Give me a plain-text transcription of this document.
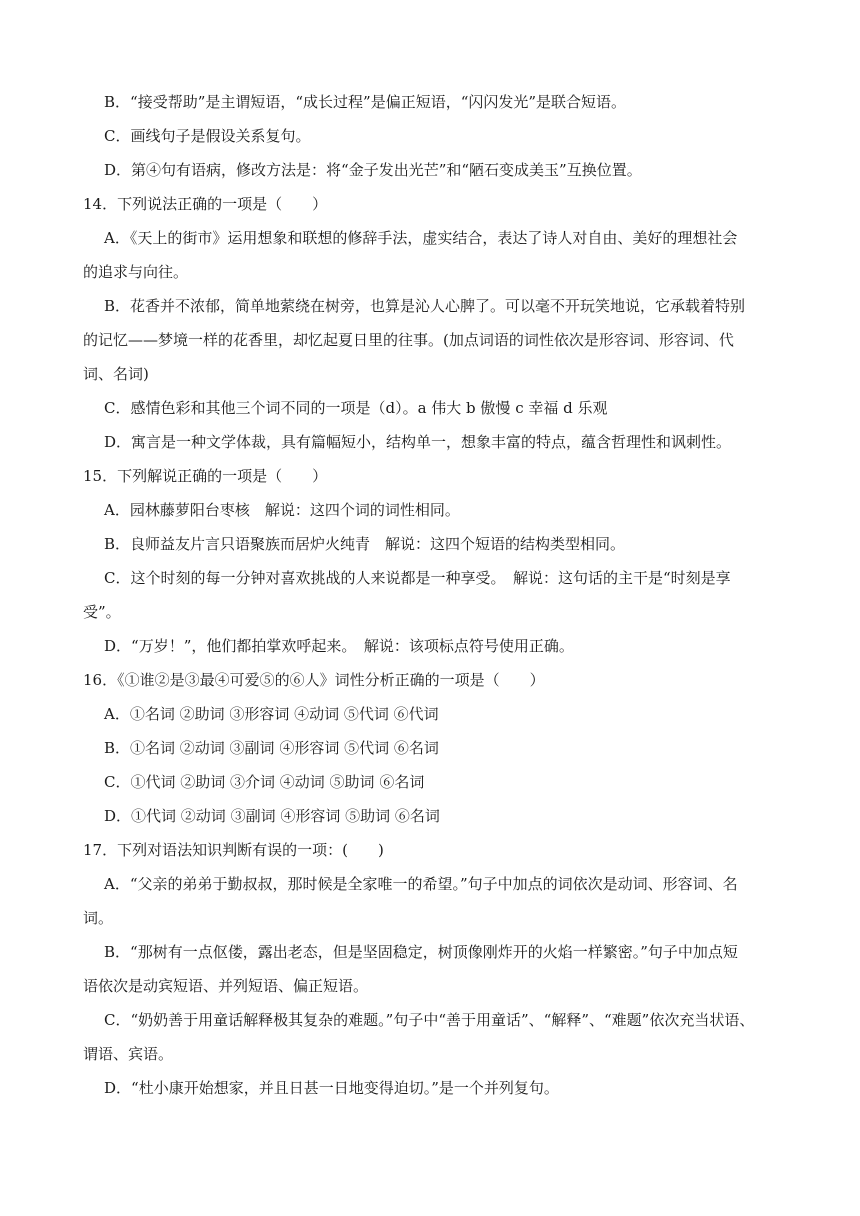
B．“接受帮助”是主谓短语，“成长过程”是偏正短语，“闪闪发光”是联合短语。
C．画线句子是假设关系复句。
D．第④句有语病，修改方法是：将“金子发出光芒”和“陋石变成美玉”互换位置。
14．下列说法正确的一项是（　　）
A．《天上的街市》运用想象和联想的修辞手法，虚实结合，表达了诗人对自由、美好的理想社会
的追求与向往。
B．花香并不浓郁，简单地萦绕在树旁，也算是沁人心脾了。可以毫不开玩笑地说，它承载着特别
的记忆——梦境一样的花香里，却忆起夏日里的往事。(加点词语的词性依次是形容词、形容词、代
词、名词)
C．感情色彩和其他三个词不同的一项是（d）。a 伟大 b 傲慢 c 幸福 d 乐观
D．寓言是一种文学体裁，具有篇幅短小，结构单一，想象丰富的特点，蕴含哲理性和讽刺性。
15．下列解说正确的一项是（　　）
A．园林藤萝阳台枣核　解说：这四个词的词性相同。
B．良师益友片言只语聚族而居炉火纯青　解说：这四个短语的结构类型相同。
C．这个时刻的每一分钟对喜欢挑战的人来说都是一种享受。　解说：这句话的主干是“时刻是享
受”。
D．“万岁！”，他们都拍掌欢呼起来。　解说：该项标点符号使用正确。
16．《①谁②是③最④可爱⑤的⑥人》词性分析正确的一项是（　　）
A．①名词 ②助词 ③形容词 ④动词 ⑤代词 ⑥代词
B．①名词 ②动词 ③副词 ④形容词 ⑤代词 ⑥名词
C．①代词 ②助词 ③介词 ④动词 ⑤助词 ⑥名词
D．①代词 ②动词 ③副词 ④形容词 ⑤助词 ⑥名词
17．下列对语法知识判断有误的一项：(　　)
A．“父亲的弟弟于勤叔叔，那时候是全家唯一的希望。”句子中加点的词依次是动词、形容词、名
词。
B．“那树有一点伛偻，露出老态，但是坚固稳定，树顶像刚炸开的火焰一样繁密。”句子中加点短
语依次是动宾短语、并列短语、偏正短语。
C．“奶奶善于用童话解释极其复杂的难题。”句子中“善于用童话”、“解释”、“难题”依次充当状语、
谓语、宾语。
D．“杜小康开始想家，并且日甚一日地变得迫切。”是一个并列复句。
